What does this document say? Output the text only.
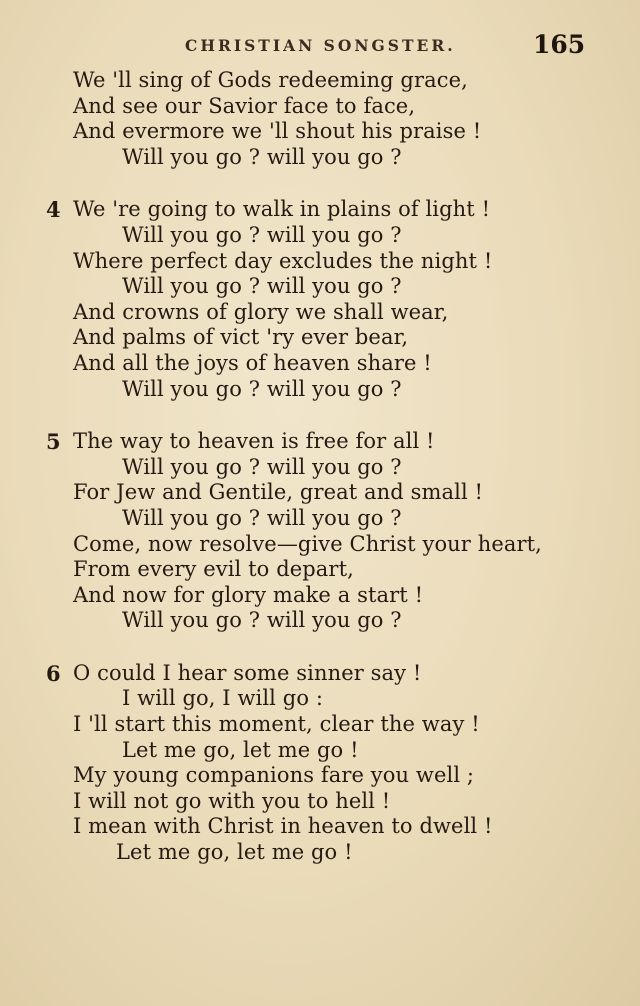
CHRISTIAN SONGSTER.	165
We 'll sing of Gods redeeming grace,
And see our Savior face to face,
And evermore we 'll shout his praise !
Will you go ? will you go ?
4 We 're going to walk in plains of light !
Will you go ? will you go ?
Where perfect day excludes the night !
Will you go ? will you go ?
And crowns of glory we shall wear,
And palms of vict 'ry ever bear,
And all the joys of heaven share !
Will you go ? will you go ?
5 The way to heaven is free for all !
Will you go ? will you go ?
For Jew and Gentile, great and small !
Will you go ? will you go ?
Come, now resolve—give Christ your heart,
From every evil to depart,
And now for glory make a start !
Will you go ? will you go ?
6 O could I hear some sinner say !
I will go, I will go :
I 'll start this moment, clear the way !
Let me go, let me go !
My young companions fare you well ;
I will not go with you to hell !
I mean with Christ in heaven to dwell !
Let me go, let me go !
